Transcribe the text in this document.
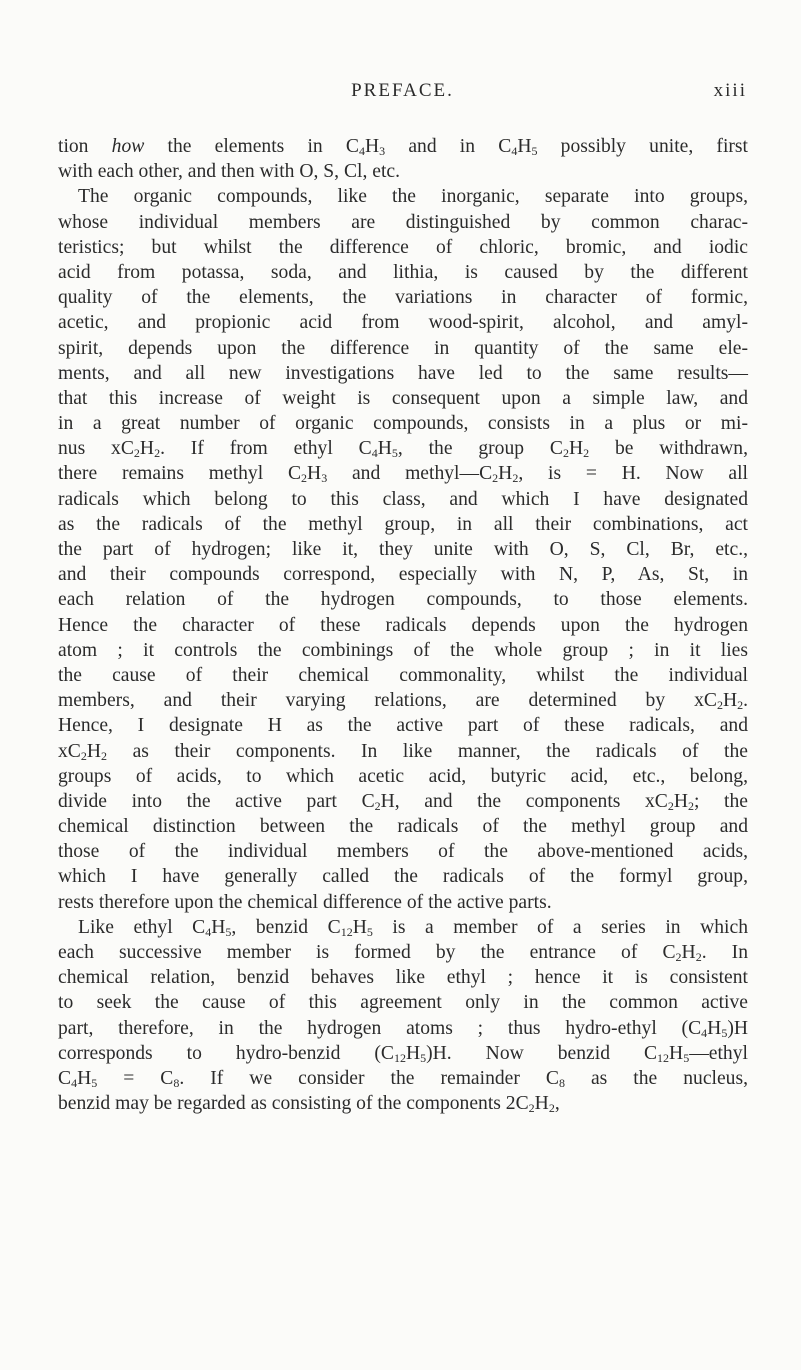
PREFACE.	xiii
tion how the elements in $C_4H_3$ and in $C_4H_5$ possibly unite, first
with each other, and then with O, S, Cl, etc.
The organic compounds, like the inorganic, separate into groups,
whose individual members are distinguished by common charac-
teristics; but whilst the difference of chloric, bromic, and iodic
acid from potassa, soda, and lithia, is caused by the different
quality of the elements, the variations in character of formic,
acetic, and propionic acid from wood-spirit, alcohol, and amyl-
spirit, depends upon the difference in quantity of the same ele-
ments, and all new investigations have led to the same results—
that this increase of weight is consequent upon a simple law, and
in a great number of organic compounds, consists in a plus or mi-
nus $xC_2H_2$. If from ethyl $C_4H_5$, the group $C_2H_2$ be withdrawn,
there remains methyl $C_2H_3$ and $methyl—C_2H_2$, is = H. Now all
radicals which belong to this class, and which I have designated
as the radicals of the methyl group, in all their combinations, act
the part of hydrogen; like it, they unite with O, S, Cl, Br, etc.,
and their compounds correspond, especially with N, P, As, St, in
each relation of the hydrogen compounds, to those elements.
Hence the character of these radicals depends upon the hydrogen
atom ; it controls the combinings of the whole group ; in it lies
the cause of their chemical commonality, whilst the individual
members, and their varying relations, are determined by $xC_2H_2$.
Hence, I designate H as the active part of these radicals, and
$xC_2H_2$ as their components. In like manner, the radicals of the
groups of acids, to which acetic acid, butyric acid, etc., belong,
divide into the active part $C_2H$, and the components $xC_2H_2$; the
chemical distinction between the radicals of the methyl group and
those of the individual members of the above-mentioned acids,
which I have generally called the radicals of the formyl group,
rests therefore upon the chemical difference of the active parts.
Like ethyl $C_4H_5$, benzid $C_{12}H_5$ is a member of a series in which
each successive member is formed by the entrance of $C_2H_2$. In
chemical relation, benzid behaves like ethyl ; hence it is consistent
to seek the cause of this agreement only in the common active
part, therefore, in the hydrogen atoms ; thus hydro-ethyl $(C_4H_5)H$
corresponds to hydro-benzid $(C_{12}H_5)H$. Now benzid $C_{12}H_5—ethyl$
$C_4H_5 = C_8$. If we consider the remainder $C_8$ as the nucleus,
benzid may be regarded as consisting of the components $2C_2H_2$,
